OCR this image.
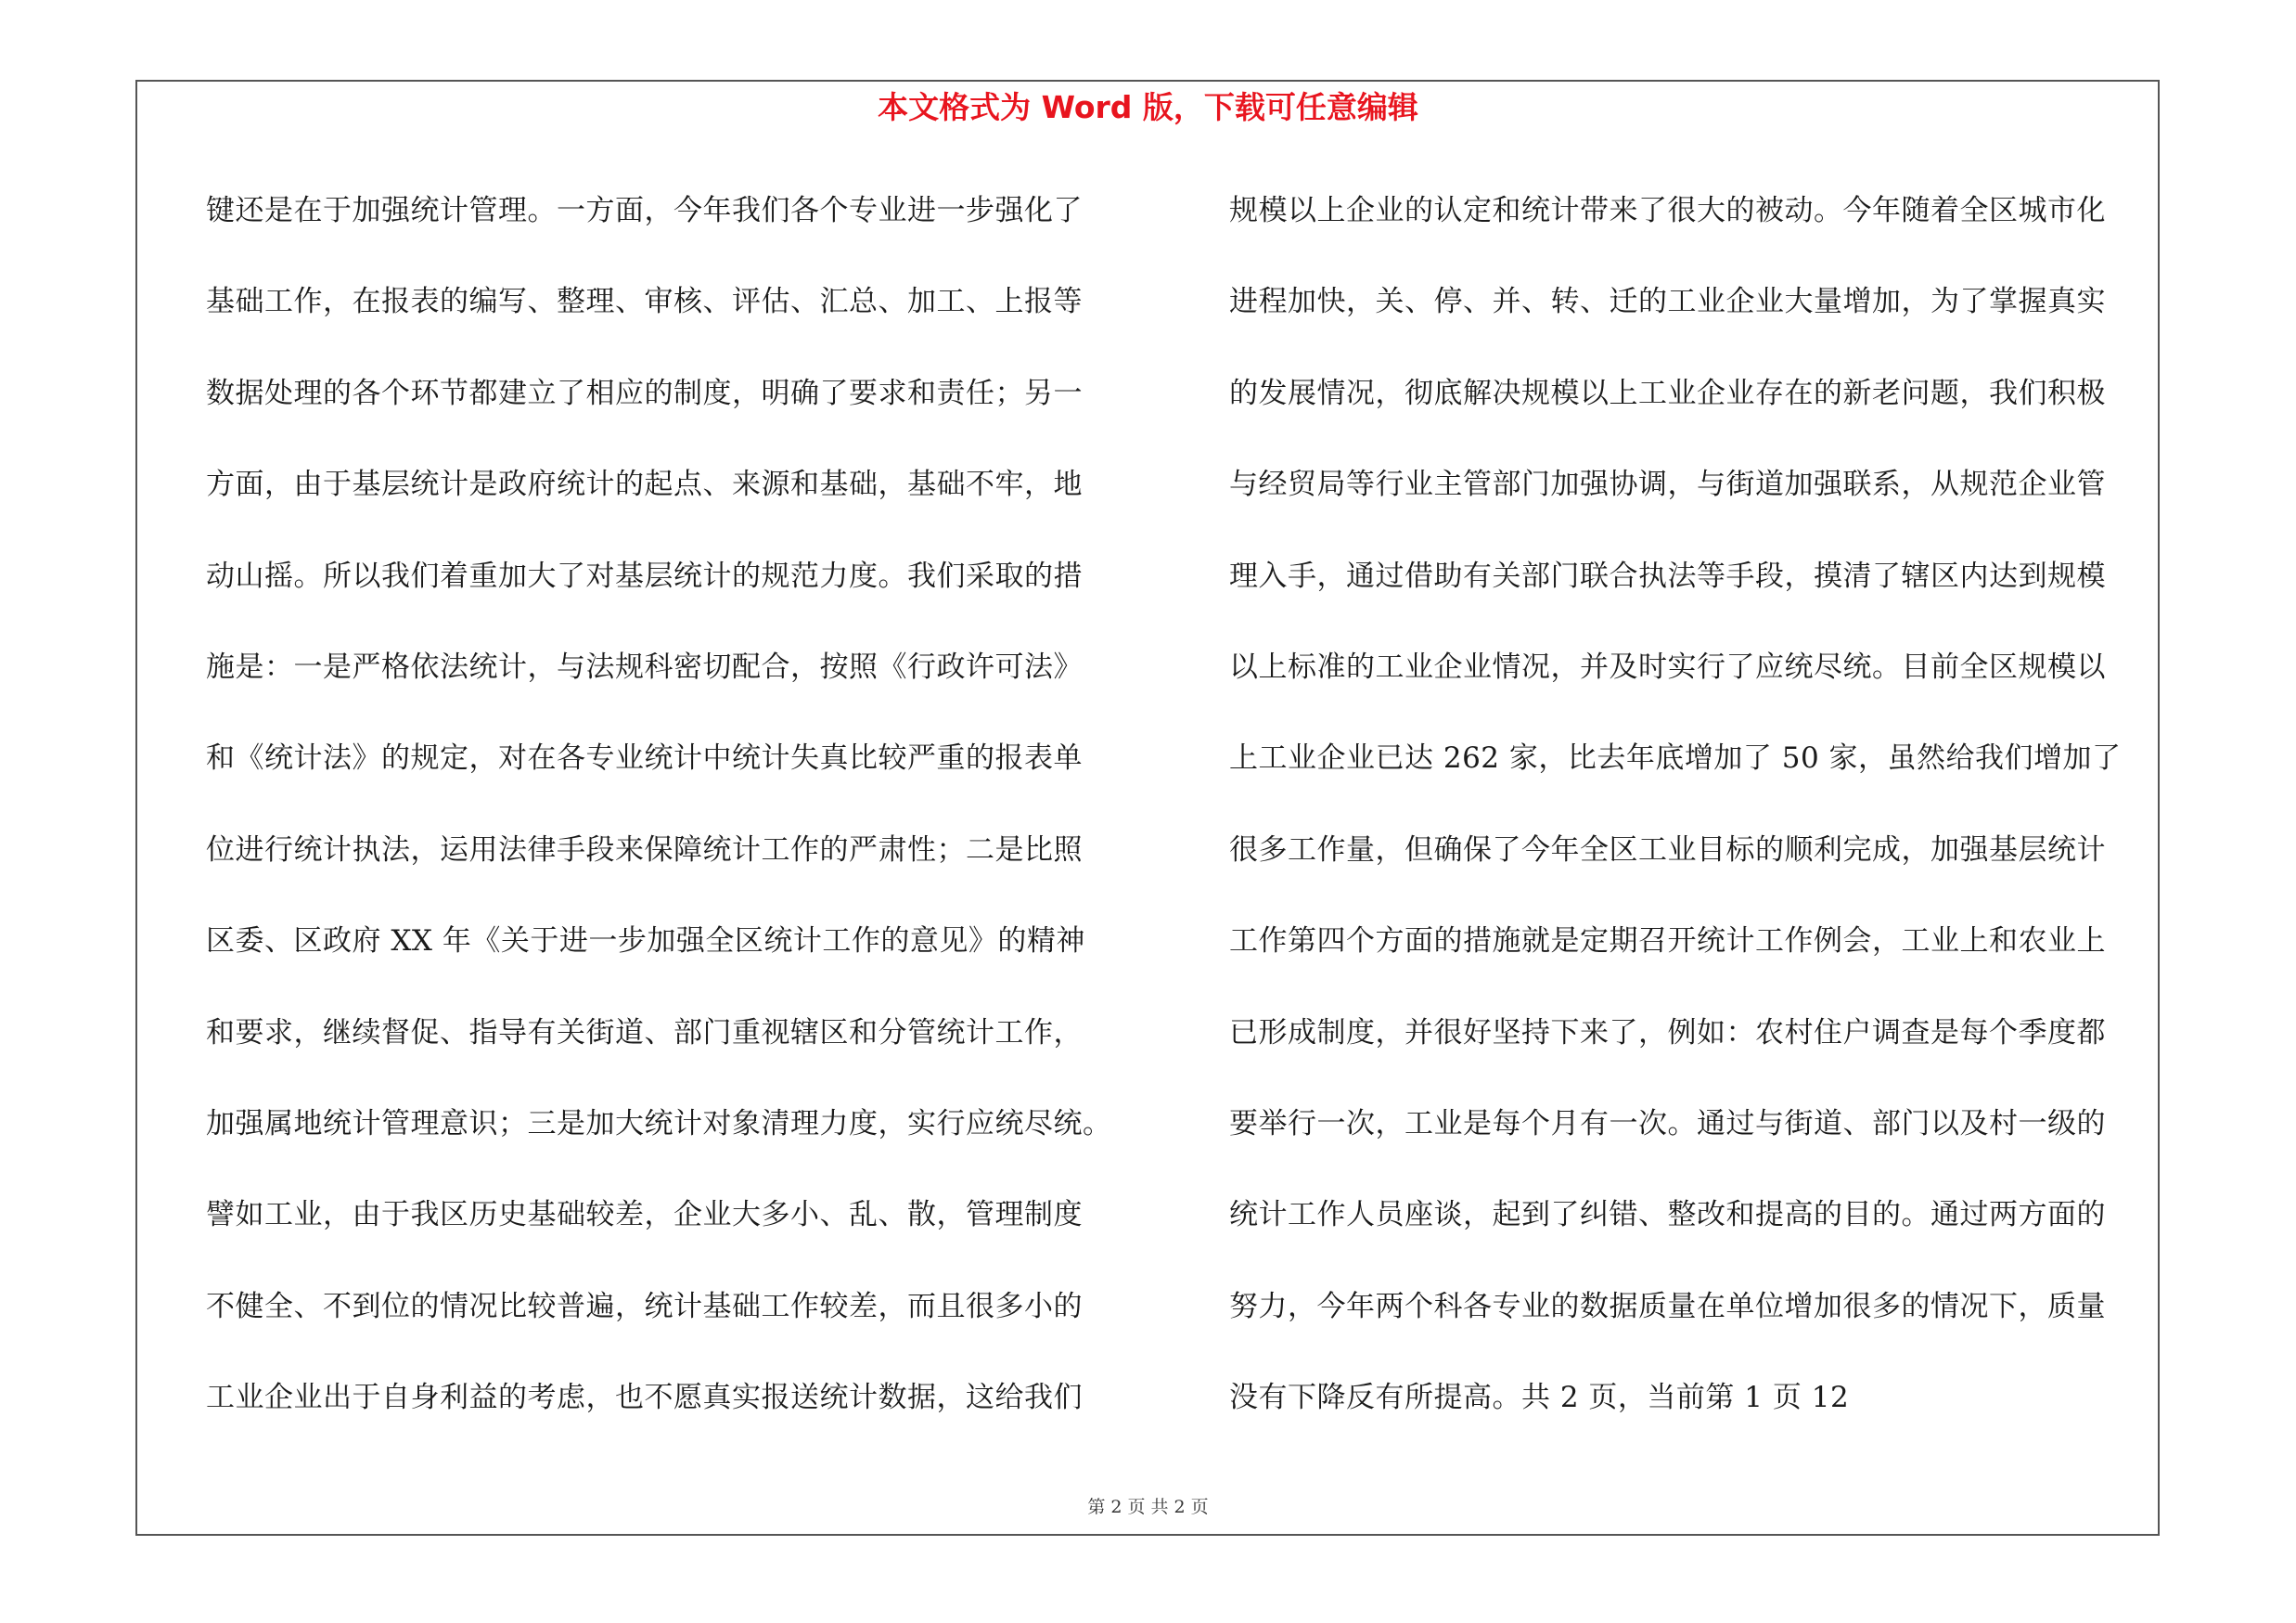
本文格式为 Word 版，下载可任意编辑
键还是在于加强统计管理。一方面，今年我们各个专业进一步强化了
基础工作，在报表的编写、整理、审核、评估、汇总、加工、上报等
数据处理的各个环节都建立了相应的制度，明确了要求和责任；另一
方面，由于基层统计是政府统计的起点、来源和基础，基础不牢，地
动山摇。所以我们着重加大了对基层统计的规范力度。我们采取的措
施是：一是严格依法统计，与法规科密切配合，按照《行政许可法》
和《统计法》的规定，对在各专业统计中统计失真比较严重的报表单
位进行统计执法，运用法律手段来保障统计工作的严肃性；二是比照
区委、区政府 XX 年《关于进一步加强全区统计工作的意见》的精神
和要求，继续督促、指导有关街道、部门重视辖区和分管统计工作，
加强属地统计管理意识；三是加大统计对象清理力度，实行应统尽统。
譬如工业，由于我区历史基础较差，企业大多小、乱、散，管理制度
不健全、不到位的情况比较普遍，统计基础工作较差，而且很多小的
工业企业出于自身利益的考虑，也不愿真实报送统计数据，这给我们
规模以上企业的认定和统计带来了很大的被动。今年随着全区城市化
进程加快，关、停、并、转、迁的工业企业大量增加，为了掌握真实
的发展情况，彻底解决规模以上工业企业存在的新老问题，我们积极
与经贸局等行业主管部门加强协调，与街道加强联系，从规范企业管
理入手，通过借助有关部门联合执法等手段，摸清了辖区内达到规模
以上标准的工业企业情况，并及时实行了应统尽统。目前全区规模以
上工业企业已达 262 家，比去年底增加了 50 家，虽然给我们增加了
很多工作量，但确保了今年全区工业目标的顺利完成，加强基层统计
工作第四个方面的措施就是定期召开统计工作例会，工业上和农业上
已形成制度，并很好坚持下来了，例如：农村住户调查是每个季度都
要举行一次，工业是每个月有一次。通过与街道、部门以及村一级的
统计工作人员座谈，起到了纠错、整改和提高的目的。通过两方面的
努力，今年两个科各专业的数据质量在单位增加很多的情况下，质量
没有下降反有所提高。共 2 页，当前第 1 页 12
第 2 页 共 2 页
